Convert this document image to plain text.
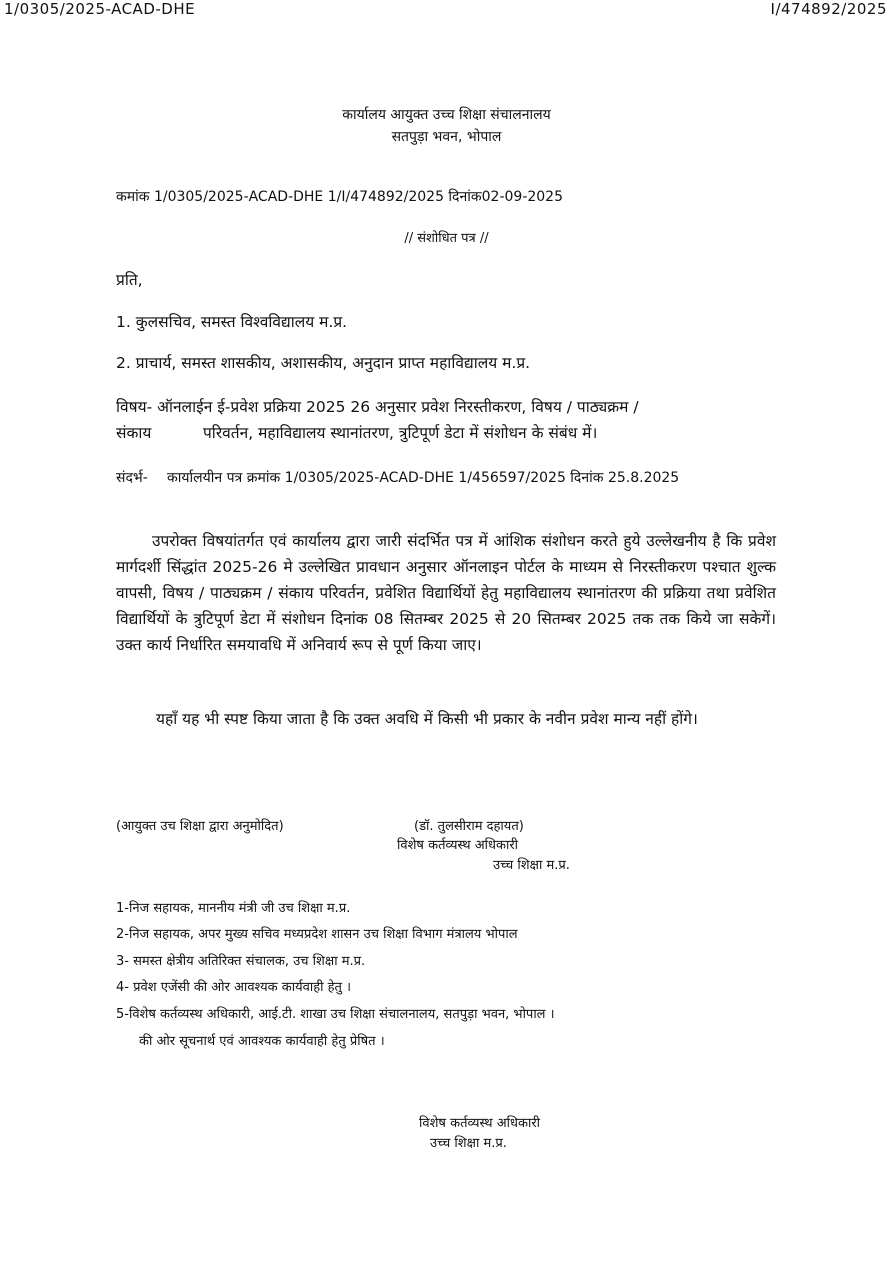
1/0305/2025-ACAD-DHE	I/474892/2025
कार्यालय आयुक्त उच्च शिक्षा संचालनालय
सतपुड़ा भवन, भोपाल
कमांक 1/0305/2025-ACAD-DHE 1/I/474892/2025 दिनांक02-09-2025
// संशोधित पत्र //
प्रति,
1. कुलसचिव, समस्त विश्वविद्यालय म.प्र.
2. प्राचार्य, समस्त शासकीय, अशासकीय, अनुदान प्राप्त महाविद्यालय म.प्र.
विषय- ऑनलाईन ई-प्रवेश प्रक्रिया 2025 26 अनुसार प्रवेश निरस्तीकरण, विषय / पाठ्यक्रम /
संकाय	परिवर्तन, महाविद्यालय स्थानांतरण, त्रुटिपूर्ण डेटा में संशोधन के संबंध में।
संदर्भ- कार्यालयीन पत्र क्रमांक 1/0305/2025-ACAD-DHE 1/456597/2025 दिनांक 25.8.2025
उपरोक्त विषयांतर्गत एवं कार्यालय द्वारा जारी संदर्भित पत्र में आंशिक संशोधन करते हुये उल्लेखनीय है कि प्रवेश मार्गदर्शी सिंद्धांत 2025-26 मे उल्लेखित प्रावधान अनुसार ऑनलाइन पोर्टल के माध्यम से निरस्तीकरण पश्चात शुल्क वापसी, विषय / पाठ्यक्रम / संकाय परिवर्तन, प्रवेशित विद्यार्थियों हेतु महाविद्यालय स्थानांतरण की प्रक्रिया तथा प्रवेशित विद्यार्थियों के त्रुटिपूर्ण डेटा में संशोधन दिनांक 08 सितम्बर 2025 से 20 सितम्बर 2025 तक तक किये जा सकेगें। उक्त कार्य निर्धारित समयावधि में अनिवार्य रूप से पूर्ण किया जाए।
यहाँ यह भी स्पष्ट किया जाता है कि उक्त अवधि में किसी भी प्रकार के नवीन प्रवेश मान्य नहीं होंगे।
(आयुक्त उच शिक्षा द्वारा अनुमोदित)	(डॉ. तुलसीराम दहायत)
विशेष कर्तव्यस्थ अधिकारी
उच्च शिक्षा म.प्र.
1-निज सहायक, माननीय मंत्री जी उच शिक्षा म.प्र.
2-निज सहायक, अपर मुख्य सचिव मध्यप्रदेश शासन उच शिक्षा विभाग मंत्रालय भोपाल
3- समस्त क्षेत्रीय अतिरिक्त संचालक, उच शिक्षा म.प्र.
4- प्रवेश एजेंसी की ओर आवश्यक कार्यवाही हेतु ।
5-विशेष कर्तव्यस्थ अधिकारी, आई.टी. शाखा उच शिक्षा संचालनालय, सतपुड़ा भवन, भोपाल ।
की ओर सूचनार्थ एवं आवश्यक कार्यवाही हेतु प्रेषित ।
विशेष कर्तव्यस्थ अधिकारी
उच्च शिक्षा म.प्र.
